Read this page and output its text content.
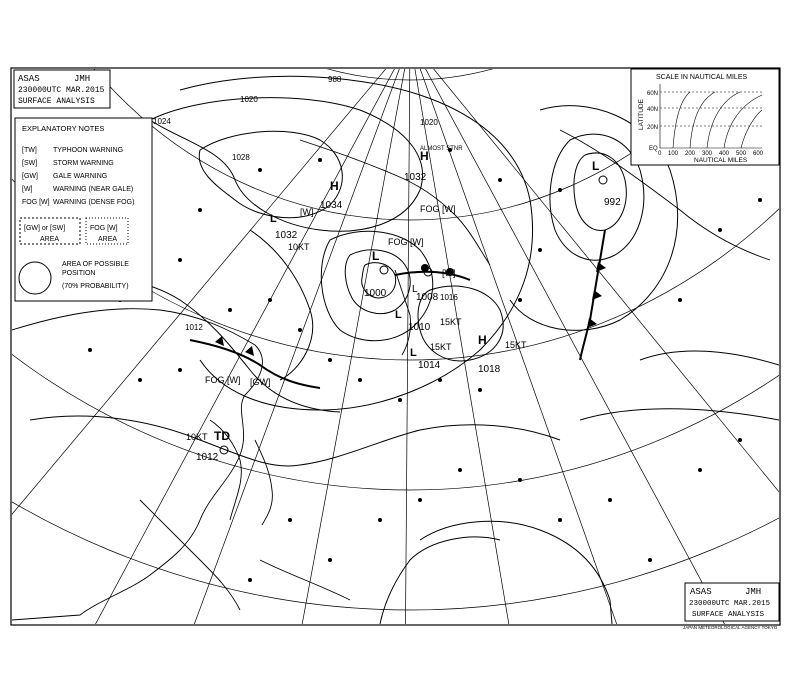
L
1032
10KT
H
1034
L
1000	L
1008
L
1010 15KT
L
1014
15KT H
1018
15KT
L
992
TD
1012
10KT
H
1032
ALMOST STNR
FOG [W]
FOG [W]
FOG [W] [GW]
[W]
[W]
1020
1024
1028
1016
1012
988
1020
ASAS	JMH
230000UTC MAR.2015
SURFACE ANALYSIS
EXPLANATORY NOTES
[TW] TYPHOON WARNING
[SW] STORM WARNING
[GW] GALE WARNING
[W]	WARNING (NEAR GALE)
FOG [W] WARNING (DENSE FOG)
[GW] or [SW]
AREA
FOG [W]
AREA
AREA OF POSSIBLE
POSITION
(70% PROBABILITY)
SCALE IN NAUTICAL MILES
LATITUDE
60N
40N
20N
EQ
0 100 200 300 400 500 600
NAUTICAL MILES
ASAS	JMH
230000UTC MAR.2015
SURFACE ANALYSIS
JAPAN METEOROLOGICAL AGENCY TOKYO
